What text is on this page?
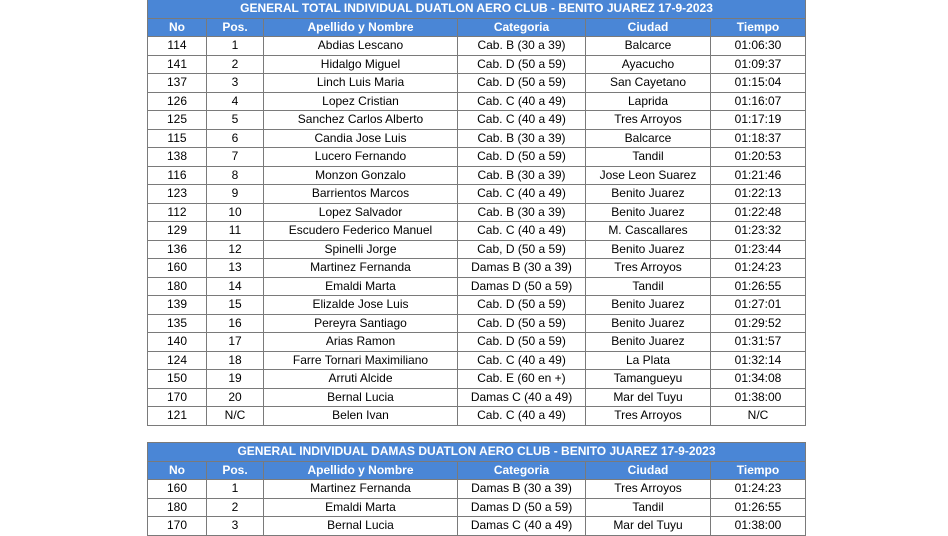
GENERAL TOTAL INDIVIDUAL DUATLON AERO CLUB - BENITO JUAREZ 17-9-2023					
No	Pos.	Apellido y Nombre	Categoria	Ciudad	Tiempo
114	1	Abdias Lescano	Cab. B (30 a 39)	Balcarce	01:06:30
141	2	Hidalgo Miguel	Cab. D (50 a 59)	Ayacucho	01:09:37
137	3	Linch Luis Maria	Cab. D (50 a 59)	San Cayetano	01:15:04
126	4	Lopez Cristian	Cab. C (40 a 49)	Laprida	01:16:07
125	5	Sanchez Carlos Alberto	Cab. C (40 a 49)	Tres Arroyos	01:17:19
115	6	Candia Jose Luis	Cab. B (30 a 39)	Balcarce	01:18:37
138	7	Lucero Fernando	Cab. D (50 a 59)	Tandil	01:20:53
116	8	Monzon Gonzalo	Cab. B (30 a 39)	Jose Leon Suarez	01:21:46
123	9	Barrientos Marcos	Cab. C (40 a 49)	Benito Juarez	01:22:13
112	10	Lopez Salvador	Cab. B (30 a 39)	Benito Juarez	01:22:48
129	11	Escudero Federico Manuel	Cab. C (40 a 49)	M. Cascallares	01:23:32
136	12	Spinelli Jorge	Cab, D (50 a 59)	Benito Juarez	01:23:44
160	13	Martinez Fernanda	Damas B (30 a 39)	Tres Arroyos	01:24:23
180	14	Emaldi Marta	Damas D (50 a 59)	Tandil	01:26:55
139	15	Elizalde Jose Luis	Cab. D (50 a 59)	Benito Juarez	01:27:01
135	16	Pereyra Santiago	Cab. D (50 a 59)	Benito Juarez	01:29:52
140	17	Arias Ramon	Cab. D (50 a 59)	Benito Juarez	01:31:57
124	18	Farre Tornari Maximiliano	Cab. C (40 a 49)	La Plata	01:32:14
150	19	Arruti Alcide	Cab. E (60 en +)	Tamangueyu	01:34:08
170	20	Bernal Lucia	Damas C (40 a 49)	Mar del Tuyu	01:38:00
121	N/C	Belen Ivan	Cab. C (40 a 49)	Tres Arroyos	N/C
GENERAL INDIVIDUAL DAMAS DUATLON AERO CLUB - BENITO JUAREZ 17-9-2023					
No	Pos.	Apellido y Nombre	Categoria	Ciudad	Tiempo
160	1	Martinez Fernanda	Damas B (30 a 39)	Tres Arroyos	01:24:23
180	2	Emaldi Marta	Damas D (50 a 59)	Tandil	01:26:55
170	3	Bernal Lucia	Damas C (40 a 49)	Mar del Tuyu	01:38:00
